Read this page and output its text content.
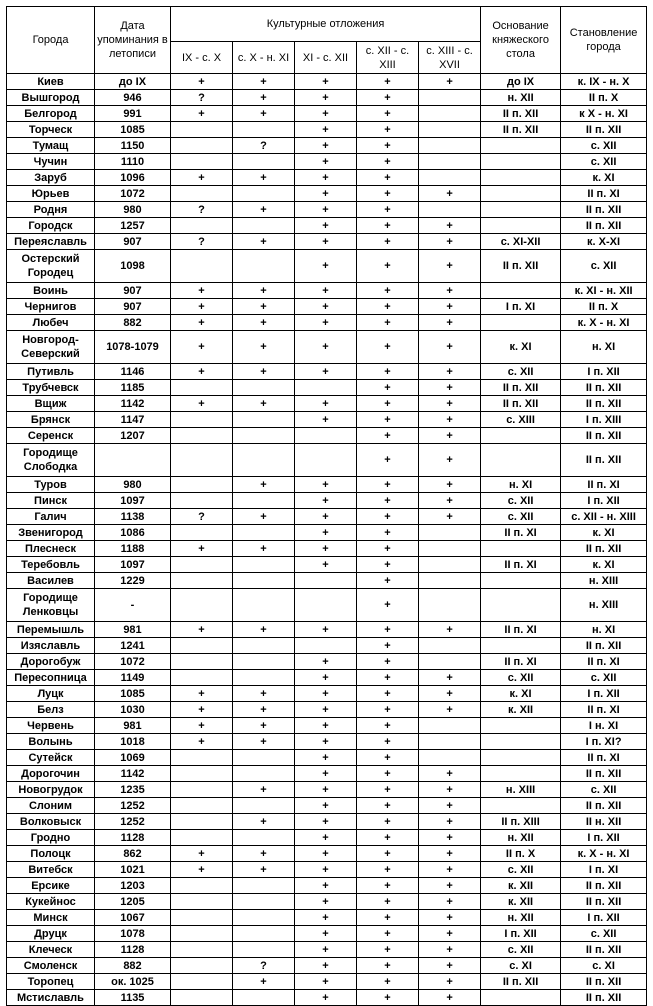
Города	Дата упоминания в летописи	Культурные отложения					Основание княжеского стола	Становление города
		IX - с. X	с. X - н. XI	XI - с. XII	с. XII - с. XIII	с. XIII - с. XVII		
Киев	до IX	+	+	+	+	+	до IX	к. IX - н. X
Вышгород	946	?	+	+	+		н. XII	II п. X
Белгород	991	+	+	+	+		II п. XII	к X - н. XI
Торческ	1085			+	+		II п. XII	II п. XII
Тумащ	1150		?	+	+			с. XII
Чучин	1110			+	+			с. XII
Заруб	1096	+	+	+	+			к. XI
Юрьев	1072			+	+	+		II п. XI
Родня	980	?	+	+	+			II п. XII
Городск	1257			+	+	+		II п. XII
Переяславль	907	?	+	+	+	+	с. XI-XII	к. X-XI
Остерский Городец	1098			+	+	+	II п. XII	с. XII
Воинь	907	+	+	+	+	+		к. XI - н. XII
Чернигов	907	+	+	+	+	+	I п. XI	II п. X
Любеч	882	+	+	+	+	+		к. X - н. XI
Новгород-Северский	1078-1079	+	+	+	+	+	к. XI	н. XI
Путивль	1146	+	+	+	+	+	с. XII	I п. XII
Трубчевск	1185				+	+	II п. XII	II п. XII
Вщиж	1142	+	+	+	+	+	II п. XII	II п. XII
Брянск	1147			+	+	+	с. XIII	I п. XIII
Серенск	1207				+	+		II п. XII
Городище Слободка					+	+		II п. XII
Туров	980		+	+	+	+	н. XI	II п. XI
Пинск	1097			+	+	+	с. XII	I п. XII
Галич	1138	?	+	+	+	+	с. XII	с. XII - н. XIII
Звенигород	1086			+	+		II п. XI	к. XI
Плеснеск	1188	+	+	+	+			II п. XII
Теребовль	1097			+	+		II п. XI	к. XI
Василев	1229				+			н. XIII
Городище Ленковцы	-				+			н. XIII
Перемышль	981	+	+	+	+	+	II п. XI	н. XI
Изяславль	1241				+			II п. XII
Дорогобуж	1072			+	+		II п. XI	II п. XI
Пересопница	1149			+	+	+	с. XII	с. XII
Луцк	1085	+	+	+	+	+	к. XI	I п. XII
Белз	1030	+	+	+	+	+	к. XII	II п. XI
Червень	981	+	+	+	+			I н. XI
Волынь	1018	+	+	+	+			I п. XI?
Сутейск	1069			+	+			II п. XI
Дорогочин	1142			+	+	+		II п. XII
Новогрудок	1235		+	+	+	+	н. XIII	с. XII
Слоним	1252			+	+	+		II п. XII
Волковыск	1252		+	+	+	+	II п. XIII	II н. XII
Гродно	1128			+	+	+	н. XII	I п. XII
Полоцк	862	+	+	+	+	+	II п. X	к. X - н. XI
Витебск	1021	+	+	+	+	+	с. XII	I п. XI
Ерсике	1203			+	+	+	к. XII	II п. XII
Кукейнос	1205			+	+	+	к. XII	II п. XII
Минск	1067			+	+	+	н. XII	I п. XII
Друцк	1078			+	+	+	I п. XII	с. XII
Клеческ	1128			+	+	+	с. XII	II п. XII
Смоленск	882		?	+	+	+	с. XI	с. XI
Торопец	ок. 1025		+	+	+	+	II п. XII	II п. XII
Мстиславль	1135			+	+	+		II п. XII
